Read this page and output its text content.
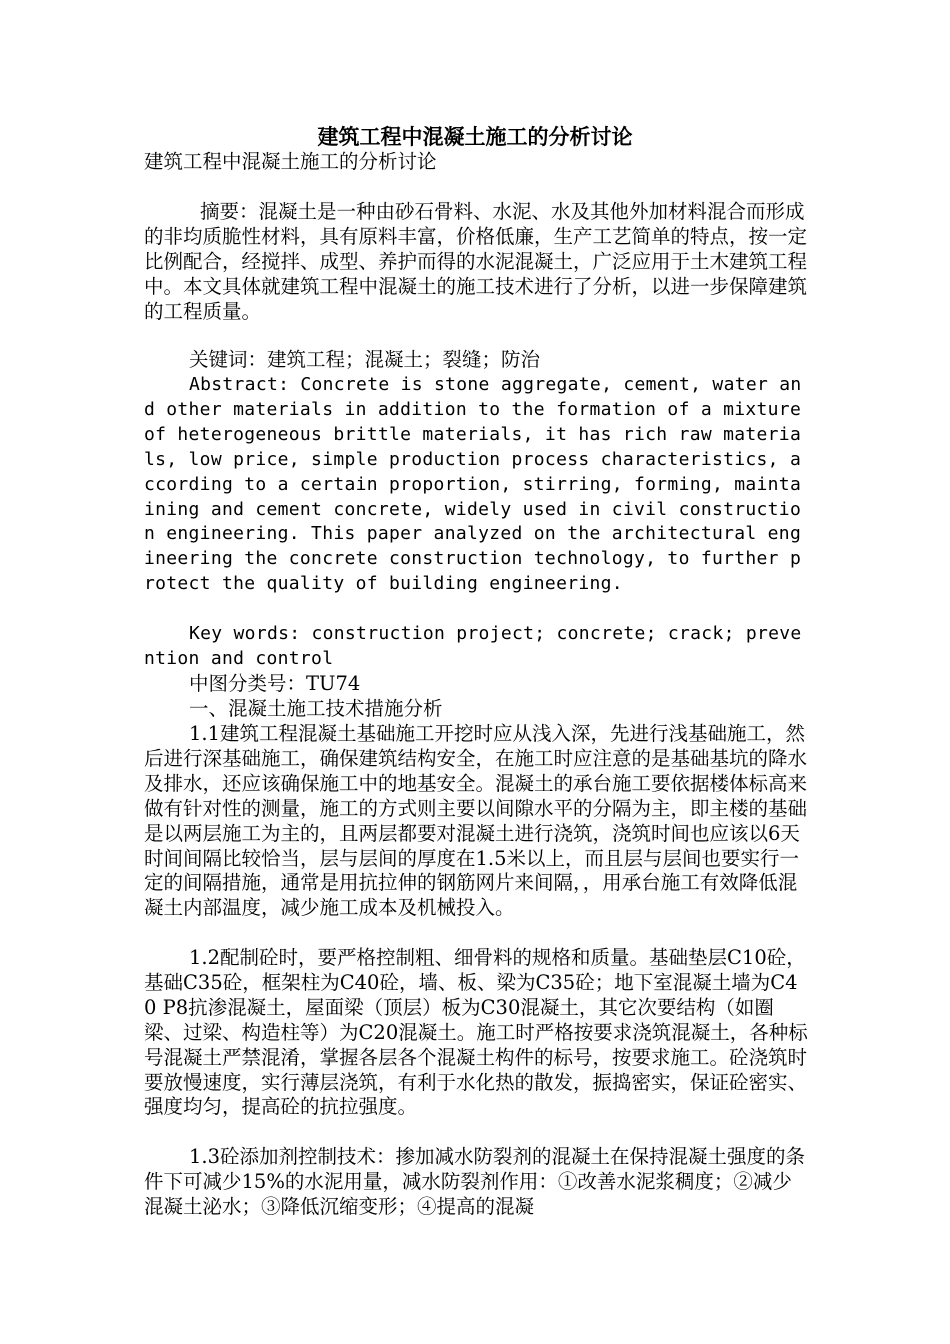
建筑工程中混凝土施工的分析讨论
建筑工程中混凝土施工的分析讨论
摘要：混凝土是一种由砂石骨料、水泥、水及其他外加材料混合而形成的非均质脆性材料，具有原料丰富，价格低廉，生产工艺简单的特点，按一定比例配合，经搅拌、成型、养护而得的水泥混凝土，广泛应用于土木建筑工程中。本文具体就建筑工程中混凝土的施工技术进行了分析，以进一步保障建筑的工程质量。
关键词：建筑工程；混凝土；裂缝；防治
Abstract: Concrete is stone aggregate, cement, water and other materials in addition to the formation of a mixture of heterogeneous brittle materials, it has rich raw materials, low price, simple production process characteristics, according to a certain proportion, stirring, forming, maintaining and cement concrete, widely used in civil construction engineering. This paper analyzed on the architectural engineering the concrete construction technology, to further protect the quality of building engineering.
Key words: construction project; concrete; crack; prevention and control
中图分类号：TU74
一、混凝土施工技术措施分析
1.1建筑工程混凝土基础施工开挖时应从浅入深，先进行浅基础施工，然后进行深基础施工，确保建筑结构安全，在施工时应注意的是基础基坑的降水及排水，还应该确保施工中的地基安全。混凝土的承台施工要依据楼体标高来做有针对性的测量，施工的方式则主要以间隙水平的分隔为主，即主楼的基础是以两层施工为主的，且两层都要对混凝土进行浇筑，浇筑时间也应该以6天时间间隔比较恰当，层与层间的厚度在1.5米以上，而且层与层间也要实行一定的间隔措施，通常是用抗拉伸的钢筋网片来间隔，，用承台施工有效降低混凝土内部温度，减少施工成本及机械投入。
1.2配制砼时，要严格控制粗、细骨料的规格和质量。基础垫层C10砼，基础C35砼，框架柱为C40砼，墙、板、梁为C35砼；地下室混凝土墙为C40 P8抗渗混凝土，屋面梁（顶层）板为C30混凝土，其它次要结构（如圈梁、过梁、构造柱等）为C20混凝土。施工时严格按要求浇筑混凝土，各种标号混凝土严禁混淆，掌握各层各个混凝土构件的标号，按要求施工。砼浇筑时要放慢速度，实行薄层浇筑，有利于水化热的散发，振捣密实，保证砼密实、强度均匀，提高砼的抗拉强度。
1.3砼添加剂控制技术：掺加减水防裂剂的混凝土在保持混凝土强度的条件下可减少15%的水泥用量，减水防裂剂作用：①改善水泥浆稠度；②减少混凝土泌水；③降低沉缩变形；④提高的混凝
